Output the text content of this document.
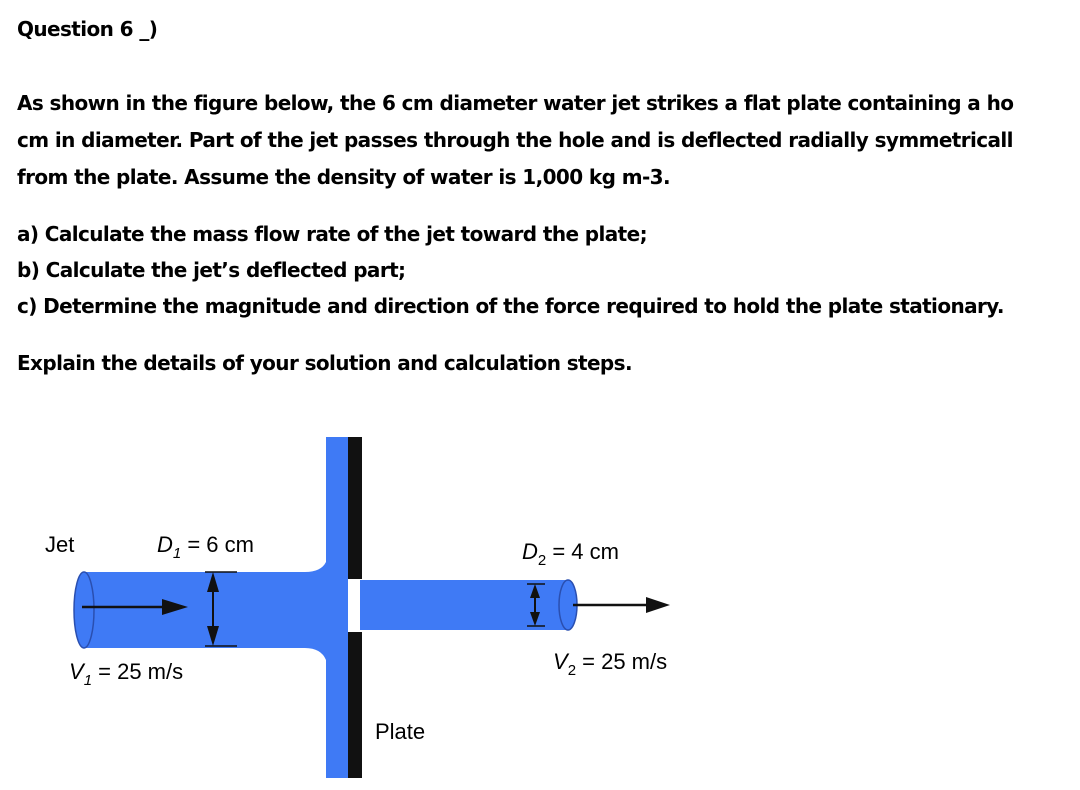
Question 6 _)
As shown in the figure below, the 6 cm diameter water jet strikes a flat plate containing a ho
cm in diameter. Part of the jet passes through the hole and is deflected radially symmetricall
from the plate. Assume the density of water is 1,000 kg m-3.
a) Calculate the mass flow rate of the jet toward the plate;
b) Calculate the jet’s deflected part;
c) Determine the magnitude and direction of the force required to hold the plate stationary.
Explain the details of your solution and calculation steps.
Jet	$D_1 = 6$ cm
$V_1 = 25$ m/s
$D_2 = 4$ cm
$V_2 = 25$ m/s
Plate
